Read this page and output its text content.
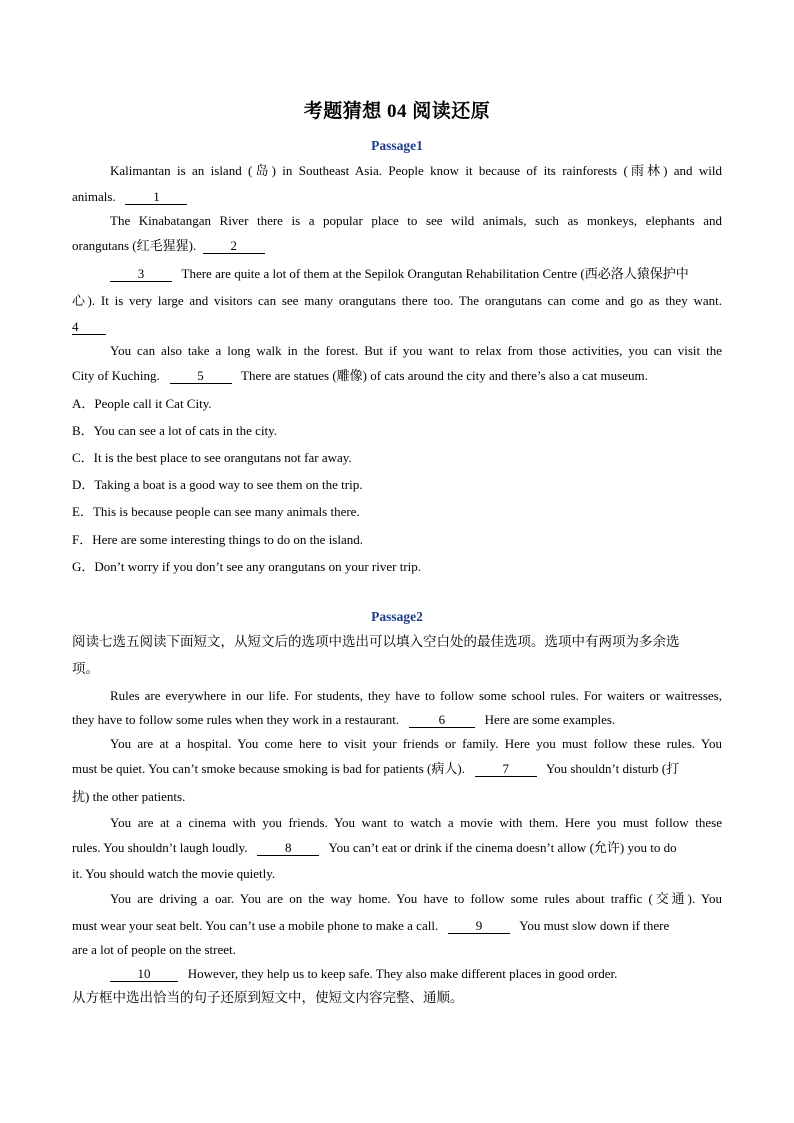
考题猜想 04 阅读还原
Passage1
Kalimantan is an island (岛) in Southeast Asia. People know it because of its rainforests (雨林) and wild
animals.	1
The Kinabatangan River there is a popular place to see wild animals, such as monkeys, elephants and
orangutans (红毛猩猩).	2
3	There are quite a lot of them at the Sepilok Orangutan Rehabilitation Centre (西必洛人猿保护中
心). It is very large and visitors can see many orangutans there too. The orangutans can come and go as they want.
4
You can also take a long walk in the forest. But if you want to relax from those activities, you can visit the
City of Kuching.	5	There are statues (雕像) of cats around the city and there’s also a cat museum.
A．People call it Cat City.
B．You can see a lot of cats in the city.
C．It is the best place to see orangutans not far away.
D．Taking a boat is a good way to see them on the trip.
E．This is because people can see many animals there.
F．Here are some interesting things to do on the island.
G．Don’t worry if you don’t see any orangutans on your river trip.
Passage2
阅读七选五阅读下面短文，从短文后的选项中选出可以填入空白处的最佳选项。选项中有两项为多余选
项。
Rules are everywhere in our life. For students, they have to follow some school rules. For waiters or waitresses,
they have to follow some rules when they work in a restaurant.	6	Here are some examples.
You are at a hospital. You come here to visit your friends or family. Here you must follow these rules. You
must be quiet. You can’t smoke because smoking is bad for patients (病人).	7	You shouldn’t disturb (打
扰) the other patients.
You are at a cinema with you friends. You want to watch a movie with them. Here you must follow these
rules. You shouldn’t laugh loudly.	8	You can’t eat or drink if the cinema doesn’t allow (允许) you to do
it. You should watch the movie quietly.
You are driving a oar. You are on the way home. You have to follow some rules about traffic (交通). You
must wear your seat belt. You can’t use a mobile phone to make a call.	9	You must slow down if there
are a lot of people on the street.
10	However, they help us to keep safe. They also make different places in good order.
从方框中选出恰当的句子还原到短文中，使短文内容完整、通顺。
